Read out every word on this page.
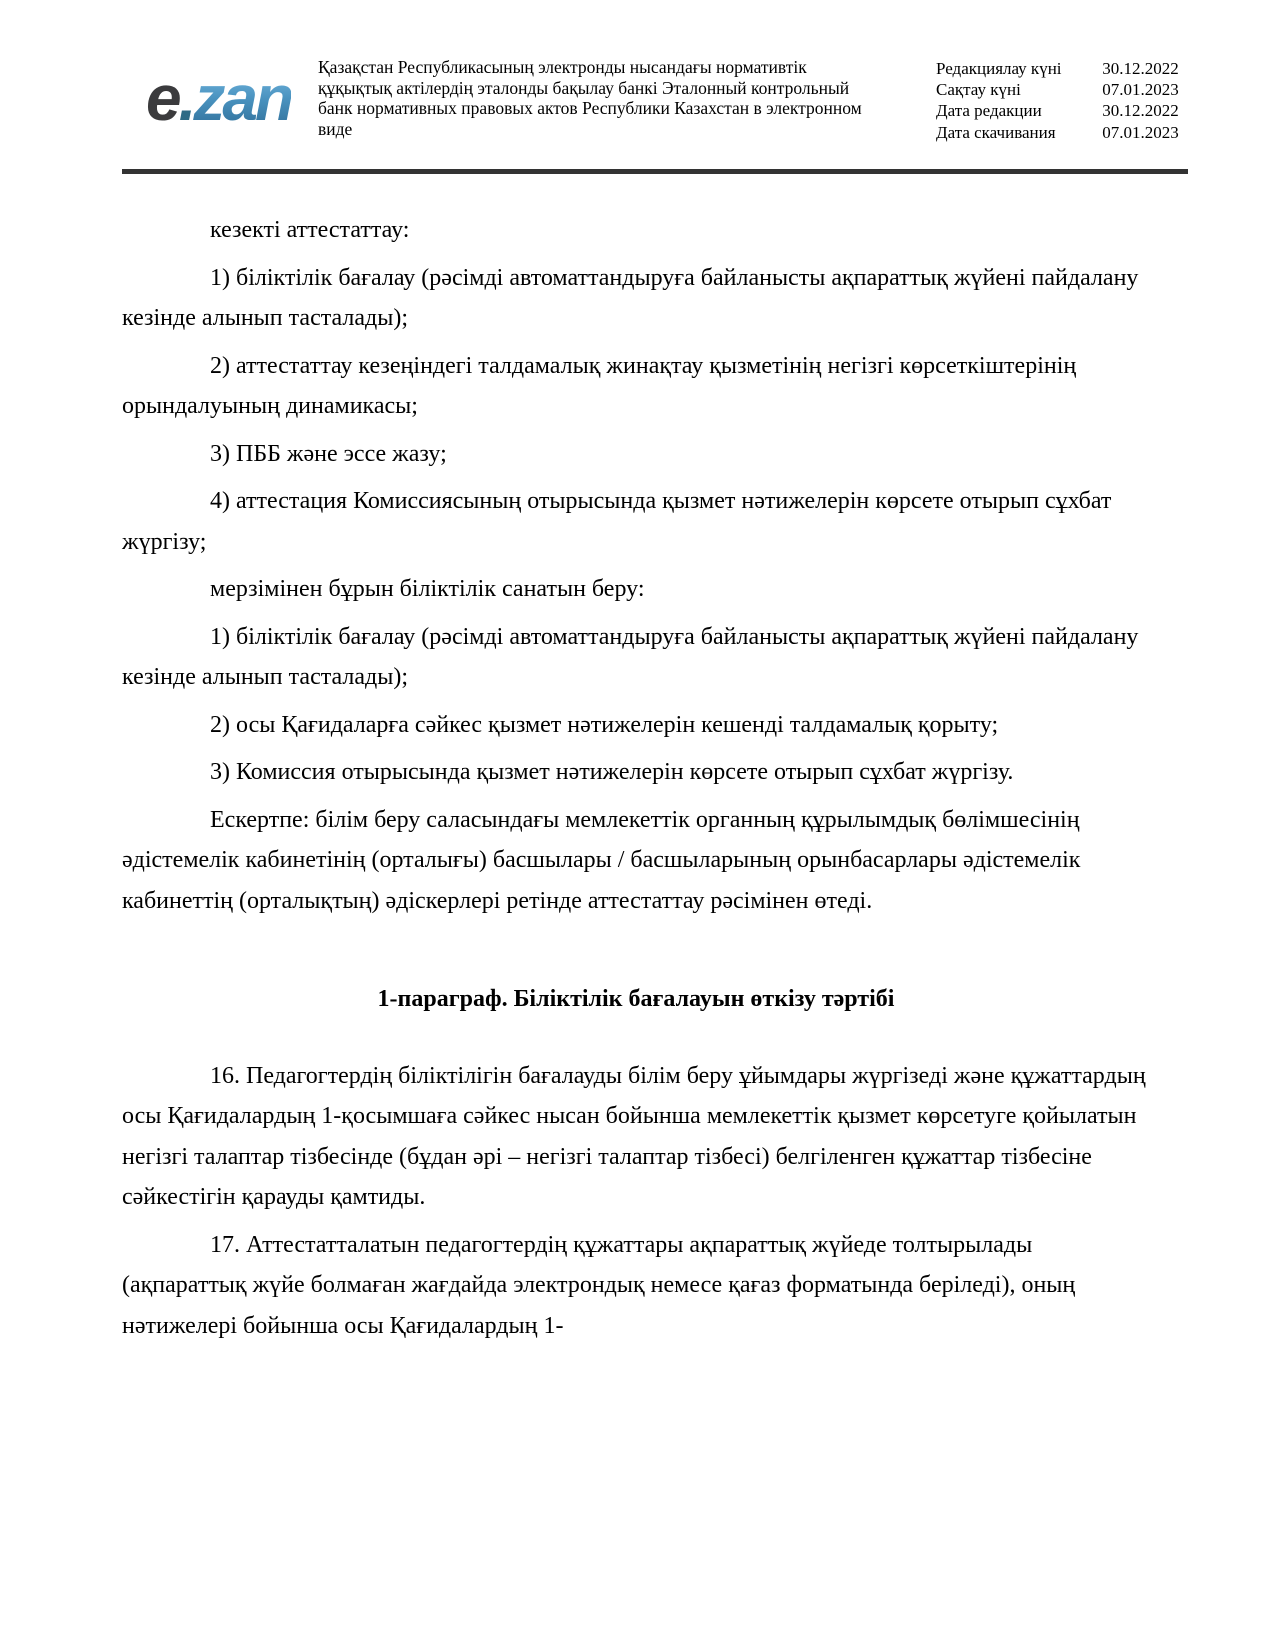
e.zan Қазақстан Республикасының электронды нысандағы нормативтік құқықтық актілердің эталонды бақылау банкі Эталонный контрольный банк нормативных правовых актов Республики Казахстан в электронном виде
Редакциялау күні 30.12.2022
Сақтау күні	07.01.2023
Дата редакции	30.12.2022
Дата скачивания	07.01.2023

кезекті аттестаттау:

1) біліктілік бағалау (рәсімді автоматтандыруға байланысты ақпараттық жүйені пайдалану кезінде алынып тасталады);

2) аттестаттау кезеңіндегі талдамалық жинақтау қызметінің негізгі көрсеткіштерінің орындалуының динамикасы;

3) ПББ және эссе жазу;

4) аттестация Комиссиясының отырысында қызмет нәтижелерін көрсете отырып сұхбат жүргізу;

мерзімінен бұрын біліктілік санатын беру:

1) біліктілік бағалау (рәсімді автоматтандыруға байланысты ақпараттық жүйені пайдалану кезінде алынып тасталады);

2) осы Қағидаларға сәйкес қызмет нәтижелерін кешенді талдамалық қорыту;

3) Комиссия отырысында қызмет нәтижелерін көрсете отырып сұхбат жүргізу.

Ескертпе: білім беру саласындағы мемлекеттік органның құрылымдық бөлімшесінің әдістемелік кабинетінің (орталығы) басшылары / басшыларының орынбасарлары әдістемелік кабинеттің (орталықтың) әдіскерлері ретінде аттестаттау рәсімінен өтеді.

1-параграф. Біліктілік бағалауын өткізу тәртібі

16. Педагогтердің біліктілігін бағалауды білім беру ұйымдары жүргізеді және құжаттардың осы Қағидалардың 1-қосымшаға сәйкес нысан бойынша мемлекеттік қызмет көрсетуге қойылатын негізгі талаптар тізбесінде (бұдан әрі – негізгі талаптар тізбесі) белгіленген құжаттар тізбесіне сәйкестігін қарауды қамтиды.

17. Аттестатталатын педагогтердің құжаттары ақпараттық жүйеде толтырылады (ақпараттық жүйе болмаған жағдайда электрондық немесе қағаз форматында беріледі), оның нәтижелері бойынша осы Қағидалардың 1-
